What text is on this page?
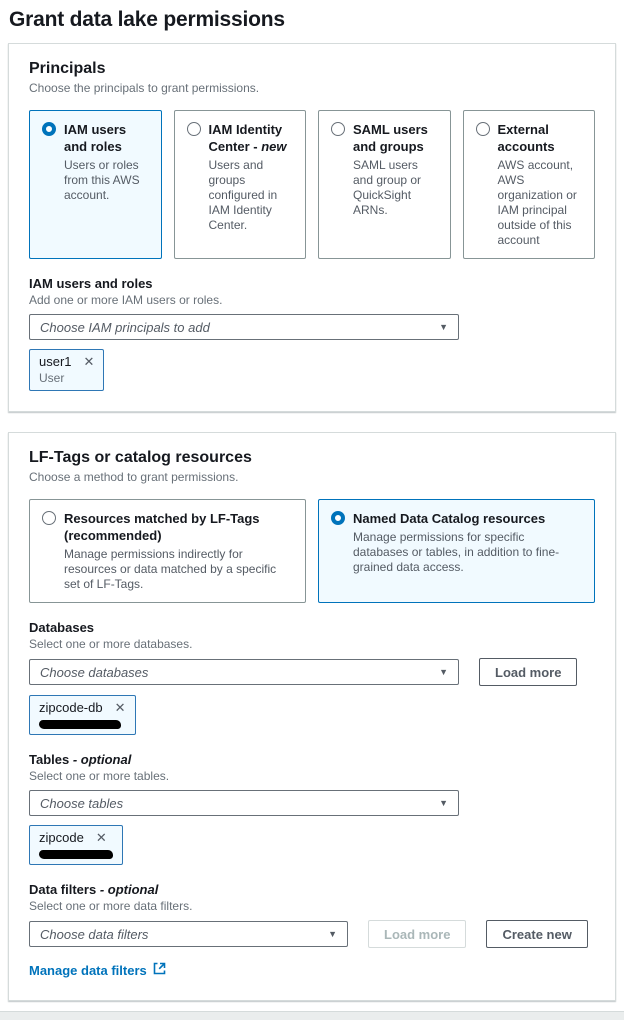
Grant data lake permissions
Principals
Choose the principals to grant permissions.
IAM users and roles
Users or roles from this AWS account.
IAM Identity Center - new
Users and groups configured in IAM Identity Center.
SAML users and groups
SAML users and group or QuickSight ARNs.
External accounts
AWS account, AWS organization or IAM principal outside of this account
IAM users and roles
Add one or more IAM users or roles.
Choose IAM principals to add	▼
user1 ✕
User
LF-Tags or catalog resources
Choose a method to grant permissions.
Resources matched by LF-Tags (recommended)
Manage permissions indirectly for resources or data matched by a specific set of LF-Tags.
Named Data Catalog resources
Manage permissions for specific databases or tables, in addition to fine-grained data access.
Databases
Select one or more databases.
Choose databases	▼	Load more
zipcode-db ✕
Tables - optional
Select one or more tables.
Choose tables	▼
zipcode ✕
Data filters - optional
Select one or more data filters.
Choose data filters	▼	Load more	Create new
Manage data filters
